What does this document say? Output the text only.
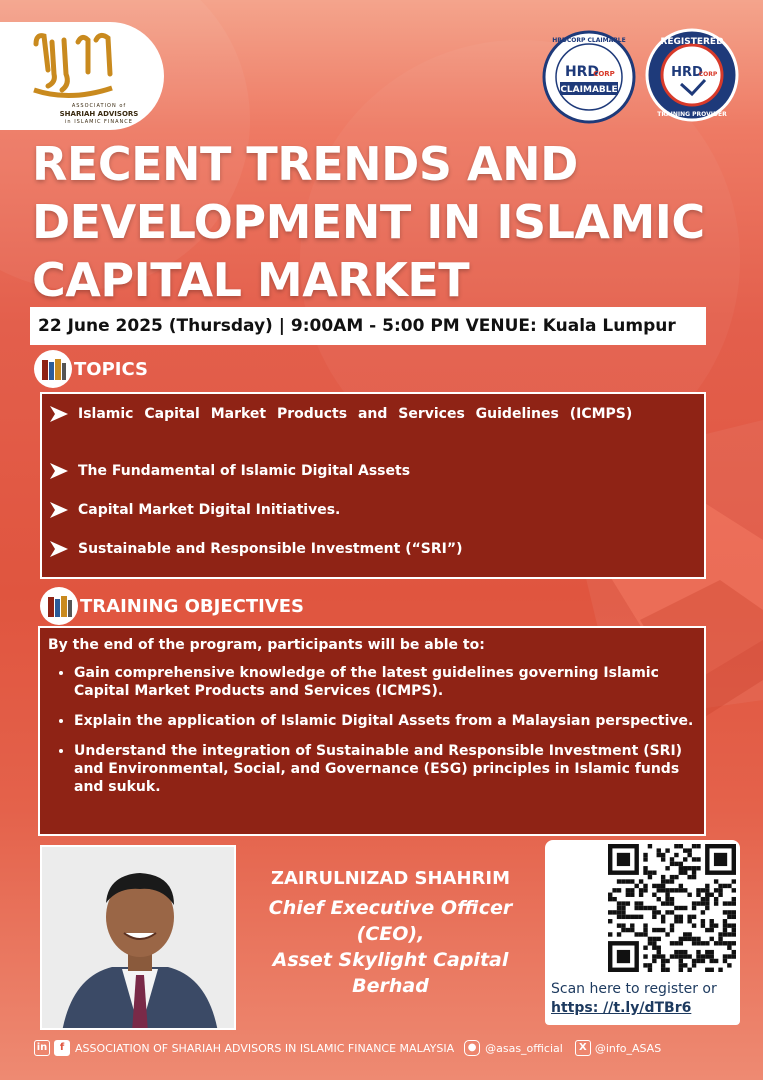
ASSOCIATION of
SHARIAH ADVISORS
in ISLAMIC FINANCE
HRDCORP CLAIMABLE
HRD
CORP
CLAIMABLE
REGISTERED
HRD
CORP
TRAINING PROVIDER
RECENT TRENDS AND
DEVELOPMENT IN ISLAMIC
CAPITAL MARKET
22 June 2025 (Thursday) | 9:00AM - 5:00 PM VENUE: Kuala Lumpur
TOPICS
Islamic Capital Market Products and Services Guidelines (ICMPS)
The Fundamental of Islamic Digital Assets
Capital Market Digital Initiatives.
Sustainable and Responsible Investment (“SRI”)
TRAINING OBJECTIVES

By the end of the program, participants will be able to:

• Gain comprehensive knowledge of the latest guidelines governing Islamic Capital Market Products and Services (ICMPS).
• Explain the application of Islamic Digital Assets from a Malaysian perspective.
• Understand the integration of Sustainable and Responsible Investment (SRI) and Environmental, Social, and Governance (ESG) principles in Islamic funds and sukuk.

ZAIRULNIZAD SHAHRIM

Chief Executive Officer
(CEO),
Asset Skylight Capital
Berhad	Scan here to register or
https: //t.ly/dTBr6
in	f ASSOCIATION OF SHARIAH ADVISORS IN ISLAMIC FINANCE MALAYSIA	● @asas_official	X @info_ASAS
